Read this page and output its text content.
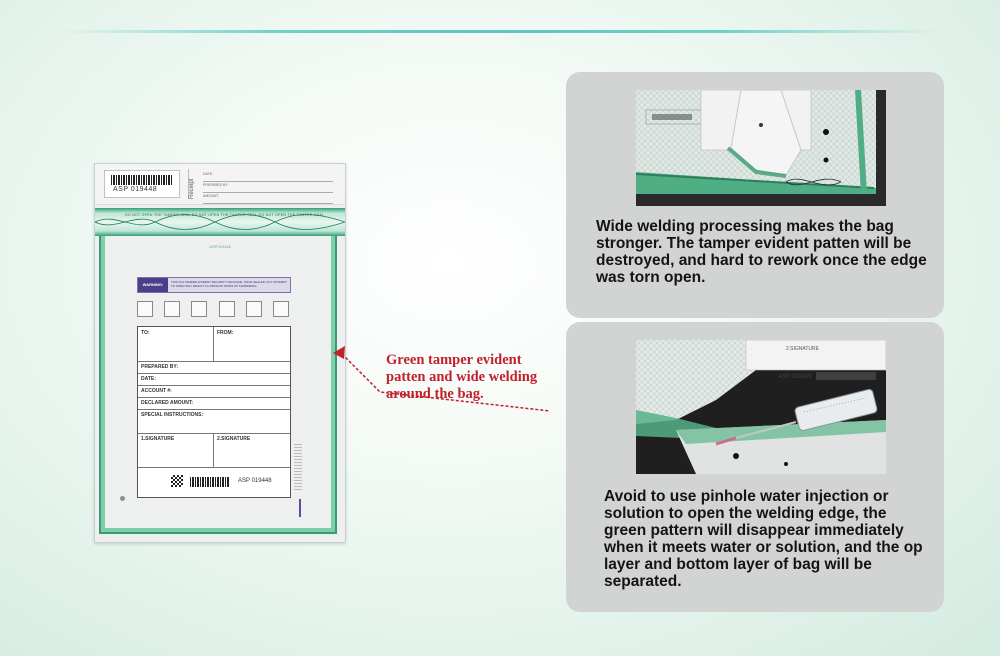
ASP 019448	Receipt
DATE:
PREPARED BY:
AMOUNT:
DO NOT OPEN THE TAMPER SEAL DO NOT OPEN THE TAMPER SEAL DO NOT OPEN THE TAMPER SEAL
ASP019448
WARNING:	THIS IS A TAMPER EVIDENT SECURITY PACKAGE. ONCE SEALED, ANY ATTEMPT TO OPEN WILL RESULT IN OBVIOUS SIGNS OF TAMPERING.
TO:	FROM:
PREPARED BY:
DATE:
ACCOUNT #:
DECLARED AMOUNT:
SPECIAL INSTRUCTIONS:
1.SIGNATURE	2.SIGNATURE
ASP 019448
Green tamper evident
patten and wide welding
around the bag.
Wide welding processing makes the bag stronger. The tamper evident patten will be destroyed, and hard to rework once the edge was torn open.
2.SIGNATURE
ASP 019439
Avoid to use pinhole water injection or solution to open the welding edge, the green pattern will disappear immediately when it meets water or solution, and the op layer and bottom layer of bag will be separated.
